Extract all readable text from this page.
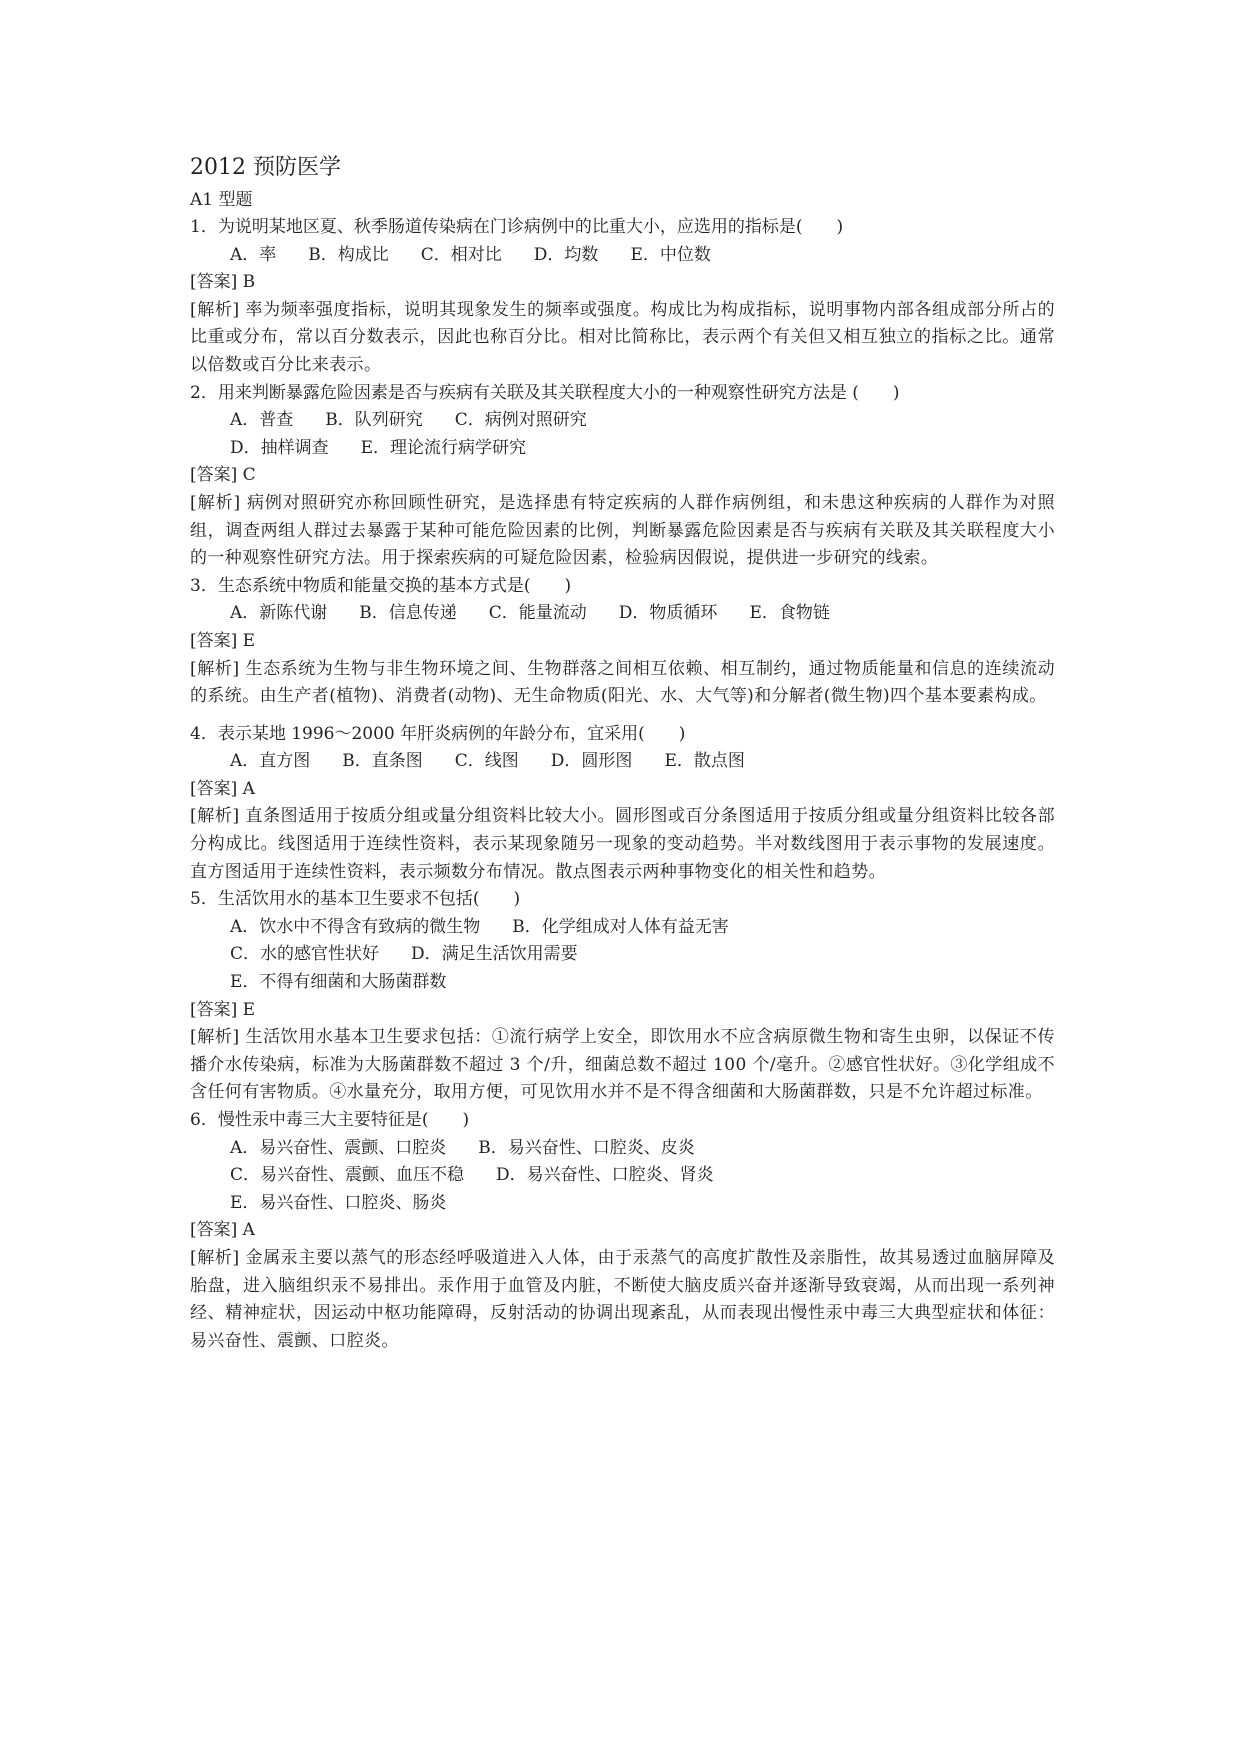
2012 预防医学
A1 型题
1．为说明某地区夏、秋季肠道传染病在门诊病例中的比重大小，应选用的指标是(　　)
A．率 B．构成比 C．相对比 D．均数 E．中位数
[答案] B
[解析] 率为频率强度指标，说明其现象发生的频率或强度。构成比为构成指标，说明事物内部各组成部分所占的比重或分布，常以百分数表示，因此也称百分比。相对比简称比，表示两个有关但又相互独立的指标之比。通常以倍数或百分比来表示。
2．用来判断暴露危险因素是否与疾病有关联及其关联程度大小的一种观察性研究方法是 (　　)
A．普查 B．队列研究 C．病例对照研究
D．抽样调查 E．理论流行病学研究
[答案] C
[解析] 病例对照研究亦称回顾性研究，是选择患有特定疾病的人群作病例组，和未患这种疾病的人群作为对照组，调查两组人群过去暴露于某种可能危险因素的比例，判断暴露危险因素是否与疾病有关联及其关联程度大小的一种观察性研究方法。用于探索疾病的可疑危险因素，检验病因假说，提供进一步研究的线索。
3．生态系统中物质和能量交换的基本方式是(　　)
A．新陈代谢 B．信息传递 C．能量流动 D．物质循环 E．食物链
[答案] E
[解析] 生态系统为生物与非生物环境之间、生物群落之间相互依赖、相互制约，通过物质能量和信息的连续流动的系统。由生产者(植物)、消费者(动物)、无生命物质(阳光、水、大气等)和分解者(微生物)四个基本要素构成。
4．表示某地 1996～2000 年肝炎病例的年龄分布，宜采用(　　)
A．直方图 B．直条图 C．线图 D．圆形图 E．散点图
[答案] A
[解析] 直条图适用于按质分组或量分组资料比较大小。圆形图或百分条图适用于按质分组或量分组资料比较各部分构成比。线图适用于连续性资料，表示某现象随另一现象的变动趋势。半对数线图用于表示事物的发展速度。直方图适用于连续性资料，表示频数分布情况。散点图表示两种事物变化的相关性和趋势。
5．生活饮用水的基本卫生要求不包括(　　)
A．饮水中不得含有致病的微生物 B．化学组成对人体有益无害
C．水的感官性状好 D．满足生活饮用需要
E．不得有细菌和大肠菌群数
[答案] E
[解析] 生活饮用水基本卫生要求包括：①流行病学上安全，即饮用水不应含病原微生物和寄生虫卵，以保证不传播介水传染病，标准为大肠菌群数不超过 3 个/升，细菌总数不超过 100 个/毫升。②感官性状好。③化学组成不含任何有害物质。④水量充分，取用方便，可见饮用水并不是不得含细菌和大肠菌群数，只是不允许超过标准。
6．慢性汞中毒三大主要特征是(　　)
A．易兴奋性、震颤、口腔炎 B．易兴奋性、口腔炎、皮炎
C．易兴奋性、震颤、血压不稳 D．易兴奋性、口腔炎、肾炎
E．易兴奋性、口腔炎、肠炎
[答案] A
[解析] 金属汞主要以蒸气的形态经呼吸道进入人体，由于汞蒸气的高度扩散性及亲脂性，故其易透过血脑屏障及胎盘，进入脑组织汞不易排出。汞作用于血管及内脏，不断使大脑皮质兴奋并逐渐导致衰竭，从而出现一系列神经、精神症状，因运动中枢功能障碍，反射活动的协调出现紊乱，从而表现出慢性汞中毒三大典型症状和体征：易兴奋性、震颤、口腔炎。
